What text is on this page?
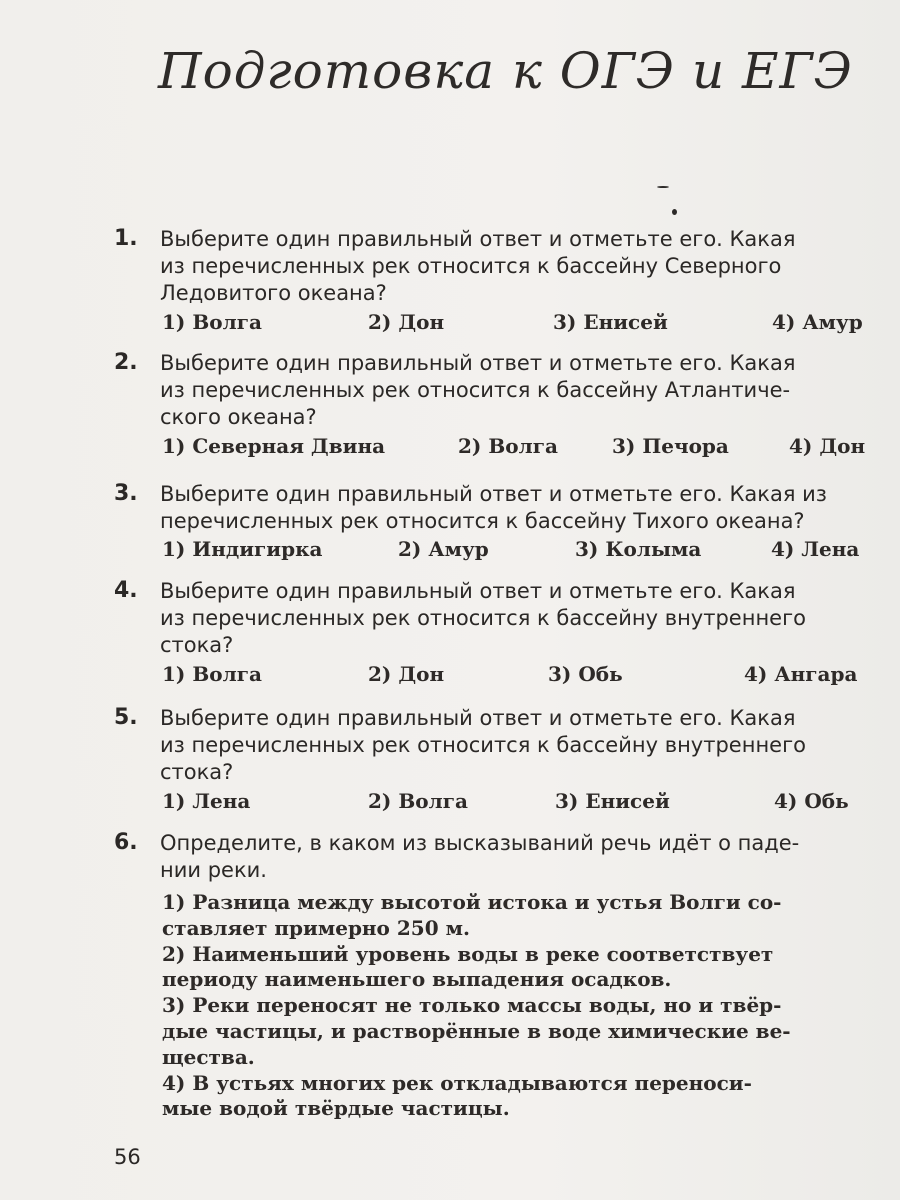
Подготовка к ОГЭ и ЕГЭ
1. Выберите один правильный ответ и отметьте его. Какая
из перечисленных рек относится к бассейну Северного
Ледовитого океана?
1) Волга	2) Дон	3) Енисей	4) Амур
2. Выберите один правильный ответ и отметьте его. Какая
из перечисленных рек относится к бассейну Атлантиче-
ского океана?
1) Северная Двина	2) Волга	3) Печора	4) Дон
3. Выберите один правильный ответ и отметьте его. Какая из
перечисленных рек относится к бассейну Тихого океана?
1) Индигирка	2) Амур	3) Колыма	4) Лена
4. Выберите один правильный ответ и отметьте его. Какая
из перечисленных рек относится к бассейну внутреннего
стока?
1) Волга	2) Дон	3) Обь	4) Ангара
5. Выберите один правильный ответ и отметьте его. Какая
из перечисленных рек относится к бассейну внутреннего
стока?
1) Лена	2) Волга	3) Енисей	4) Обь
6. Определите, в каком из высказываний речь идёт о паде-
нии реки.
1) Разница между высотой истока и устья Волги со-
ставляет примерно 250 м.
2) Наименьший уровень воды в реке соответствует
периоду наименьшего выпадения осадков.
3) Реки переносят не только массы воды, но и твёр-
дые частицы, и растворённые в воде химические ве-
щества.
4) В устьях многих рек откладываются переноси-
мые водой твёрдые частицы.
56
